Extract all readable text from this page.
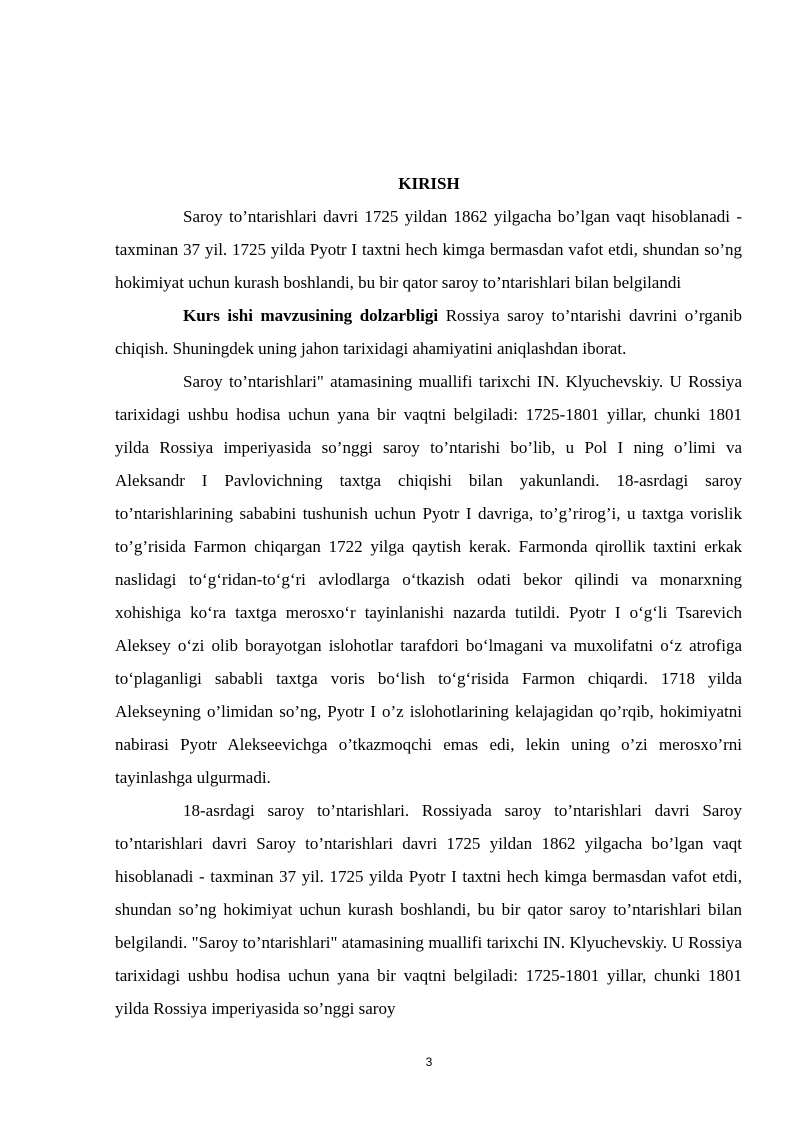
KIRISH

Saroy to’ntarishlari davri 1725 yildan 1862 yilgacha bo’lgan vaqt hisoblanadi - taxminan 37 yil. 1725 yilda Pyotr I taxtni hech kimga bermasdan vafot etdi, shundan so’ng hokimiyat uchun kurash boshlandi, bu bir qator saroy to’ntarishlari bilan belgilandi

Kurs ishi mavzusining dolzarbligi Rossiya saroy to’ntarishi davrini o’rganib chiqish. Shuningdek uning jahon tarixidagi ahamiyatini aniqlashdan iborat.

Saroy to’ntarishlari" atamasining muallifi tarixchi IN. Klyuchevskiy. U Rossiya tarixidagi ushbu hodisa uchun yana bir vaqtni belgiladi: 1725-1801 yillar, chunki 1801 yilda Rossiya imperiyasida so’nggi saroy to’ntarishi bo’lib, u Pol I ning o’limi va Aleksandr I Pavlovichning taxtga chiqishi bilan yakunlandi. 18-asrdagi saroy to’ntarishlarining sababini tushunish uchun Pyotr I davriga, to’g’rirog’i, u taxtga vorislik to’g’risida Farmon chiqargan 1722 yilga qaytish kerak. Farmonda qirollik taxtini erkak naslidagi to‘g‘ridan-to‘g‘ri avlodlarga o‘tkazish odati bekor qilindi va monarxning xohishiga ko‘ra taxtga merosxo‘r tayinlanishi nazarda tutildi. Pyotr I o‘g‘li Tsarevich Aleksey o‘zi olib borayotgan islohotlar tarafdori bo‘lmagani va muxolifatni o‘z atrofiga to‘plaganligi sababli taxtga voris bo‘lish to‘g‘risida Farmon chiqardi. 1718 yilda Alekseyning o’limidan so’ng, Pyotr I o’z islohotlarining kelajagidan qo’rqib, hokimiyatni nabirasi Pyotr Alekseevichga o’tkazmoqchi emas edi, lekin uning o’zi merosxo’rni tayinlashga ulgurmadi.

18-asrdagi saroy to’ntarishlari. Rossiyada saroy to’ntarishlari davri Saroy to’ntarishlari davri Saroy to’ntarishlari davri 1725 yildan 1862 yilgacha bo’lgan vaqt hisoblanadi - taxminan 37 yil. 1725 yilda Pyotr I taxtni hech kimga bermasdan vafot etdi, shundan so’ng hokimiyat uchun kurash boshlandi, bu bir qator saroy to’ntarishlari bilan belgilandi. "Saroy to’ntarishlari" atamasining muallifi tarixchi IN. Klyuchevskiy. U Rossiya tarixidagi ushbu hodisa uchun yana bir vaqtni belgiladi: 1725-1801 yillar, chunki 1801 yilda Rossiya imperiyasida so’nggi saroy

3
